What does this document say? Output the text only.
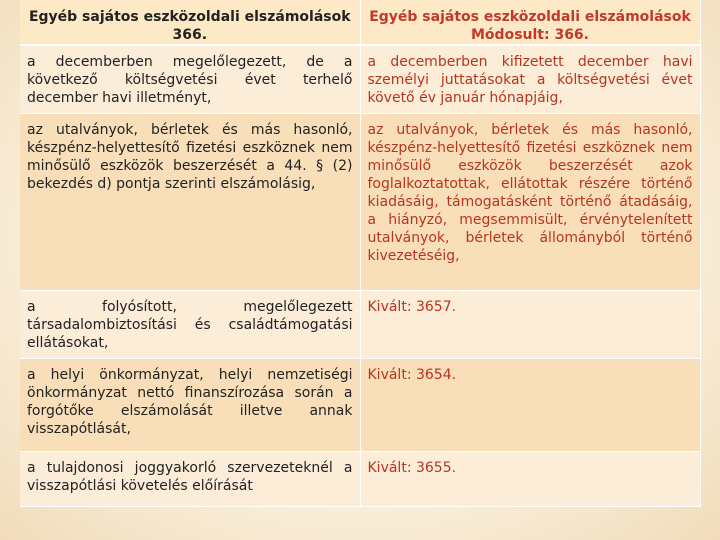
Egyéb sajátos eszközoldali elszámolások 366.	Egyéb sajátos eszközoldali elszámolások
Módosult: 366.

a decemberben megelőlegezett, de a következő költségvetési évet terhelő december havi illetményt,	a decemberben kifizetett december havi személyi juttatásokat a költségvetési évet követő év január hónapjáig,
az utalványok, bérletek és más hasonló, készpénz-helyettesítő fizetési eszköznek nem minősülő eszközök beszerzését a 44. § (2) bekezdés d) pontja szerinti elszámolásig,	az utalványok, bérletek és más hasonló, készpénz-helyettesítő fizetési eszköznek nem minősülő eszközök beszerzését azok foglalkoztatottak, ellátottak részére történő kiadásáig, támogatásként történő átadásáig, a hiányzó, megsemmisült, érvénytelenített utalványok, bérletek állományból történő kivezetéséig,
a folyósított, megelőlegezett társadalombiztosítási és családtámogatási ellátásokat,	Kivált: 3657.
a helyi önkormányzat, helyi nemzetiségi önkormányzat nettó finanszírozása során a forgótőke elszámolását illetve annak visszapótlását,	Kivált: 3654.
a tulajdonosi joggyakorló szervezeteknél a visszapótlási követelés előírását	Kivált: 3655.
